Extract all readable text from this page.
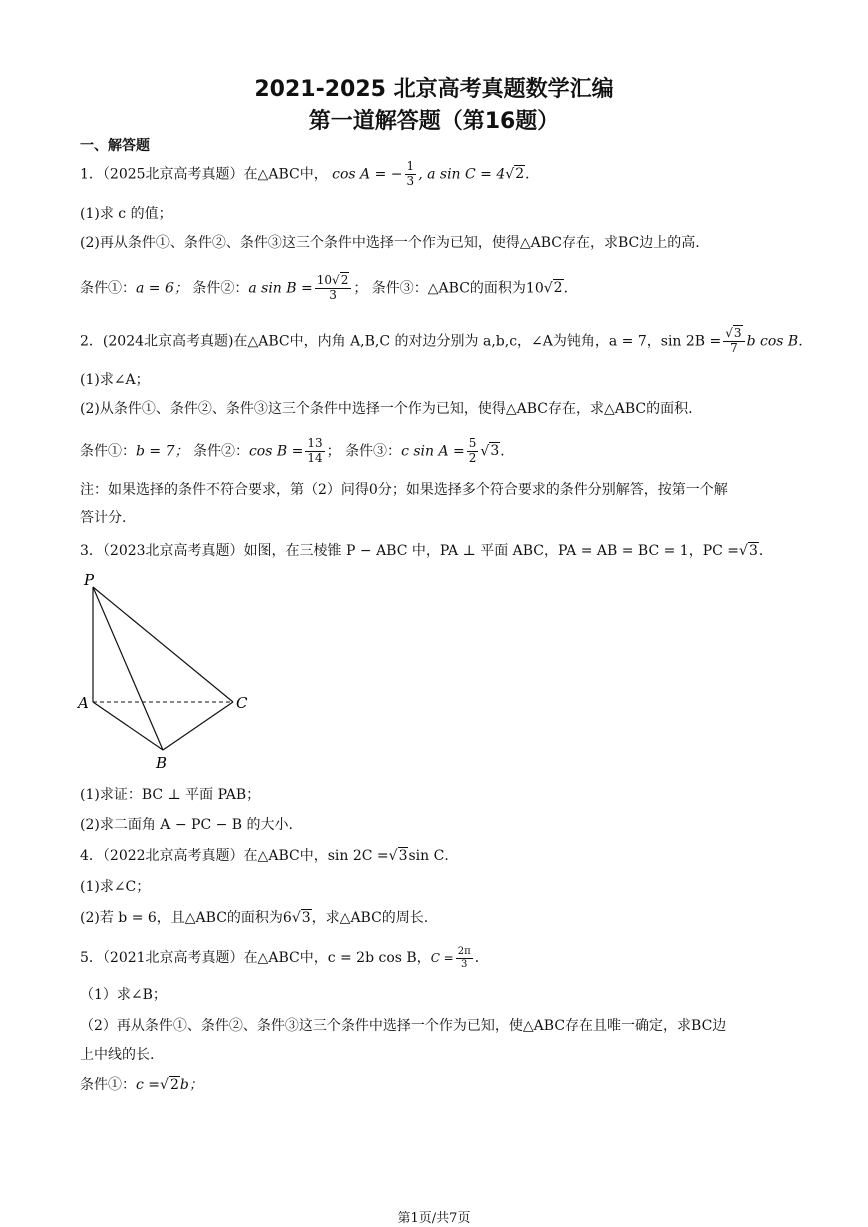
2021-2025 北京高考真题数学汇编
第一道解答题（第16题）
一、解答题
1．（2025北京高考真题）在△ABC中， cos A = − $\frac{1}{3}$ , a sin C = 4√2．
(1)求 c 的值；
(2)再从条件①、条件②、条件③这三个条件中选择一个作为已知，使得△ABC存在，求BC边上的高.
条件①：a = 6； 条件②：a $\sin B = \frac{10√2}{3}$ ； 条件③：△ABC的面积为10√2．
2．(2024北京高考真题)在△ABC中，内角 A,B,C 的对边分别为 a,b,c，∠A为钝角，a = 7，$\sin 2B = \frac{√3}{7}$ b cos B．
(1)求∠A；
(2)从条件①、条件②、条件③这三个条件中选择一个作为已知，使得△ABC存在，求△ABC的面积.
条件①：b = 7； 条件②：$\cos B = \frac{13}{14}$ ； 条件③：c $\sin A = \frac{5}{2} √3$．
注：如果选择的条件不符合要求，第（2）问得0分；如果选择多个符合要求的条件分别解答，按第一个解
答计分.
3．（2023北京高考真题）如图，在三棱锥 P − ABC 中，PA ⊥ 平面 ABC，PA = AB = BC = 1，PC =√3．
P
A	C
B
(1)求证：BC ⊥ 平面 PAB；
(2)求二面角 A − PC − B 的大小.
4．（2022北京高考真题）在△ABC中，sin 2C =√3sin C．
(1)求∠C；
(2)若 b = 6，且△ABC的面积为6√3，求△ABC的周长.
5．（2021北京高考真题）在△ABC中，c = 2b cos B，$C = \frac{2\pi}{3}$ ．
（1）求∠B；
（2）再从条件①、条件②、条件③这三个条件中选择一个作为已知，使△ABC存在且唯一确定，求BC边
上中线的长.
条件①：c =√2b；
第1页/共7页
